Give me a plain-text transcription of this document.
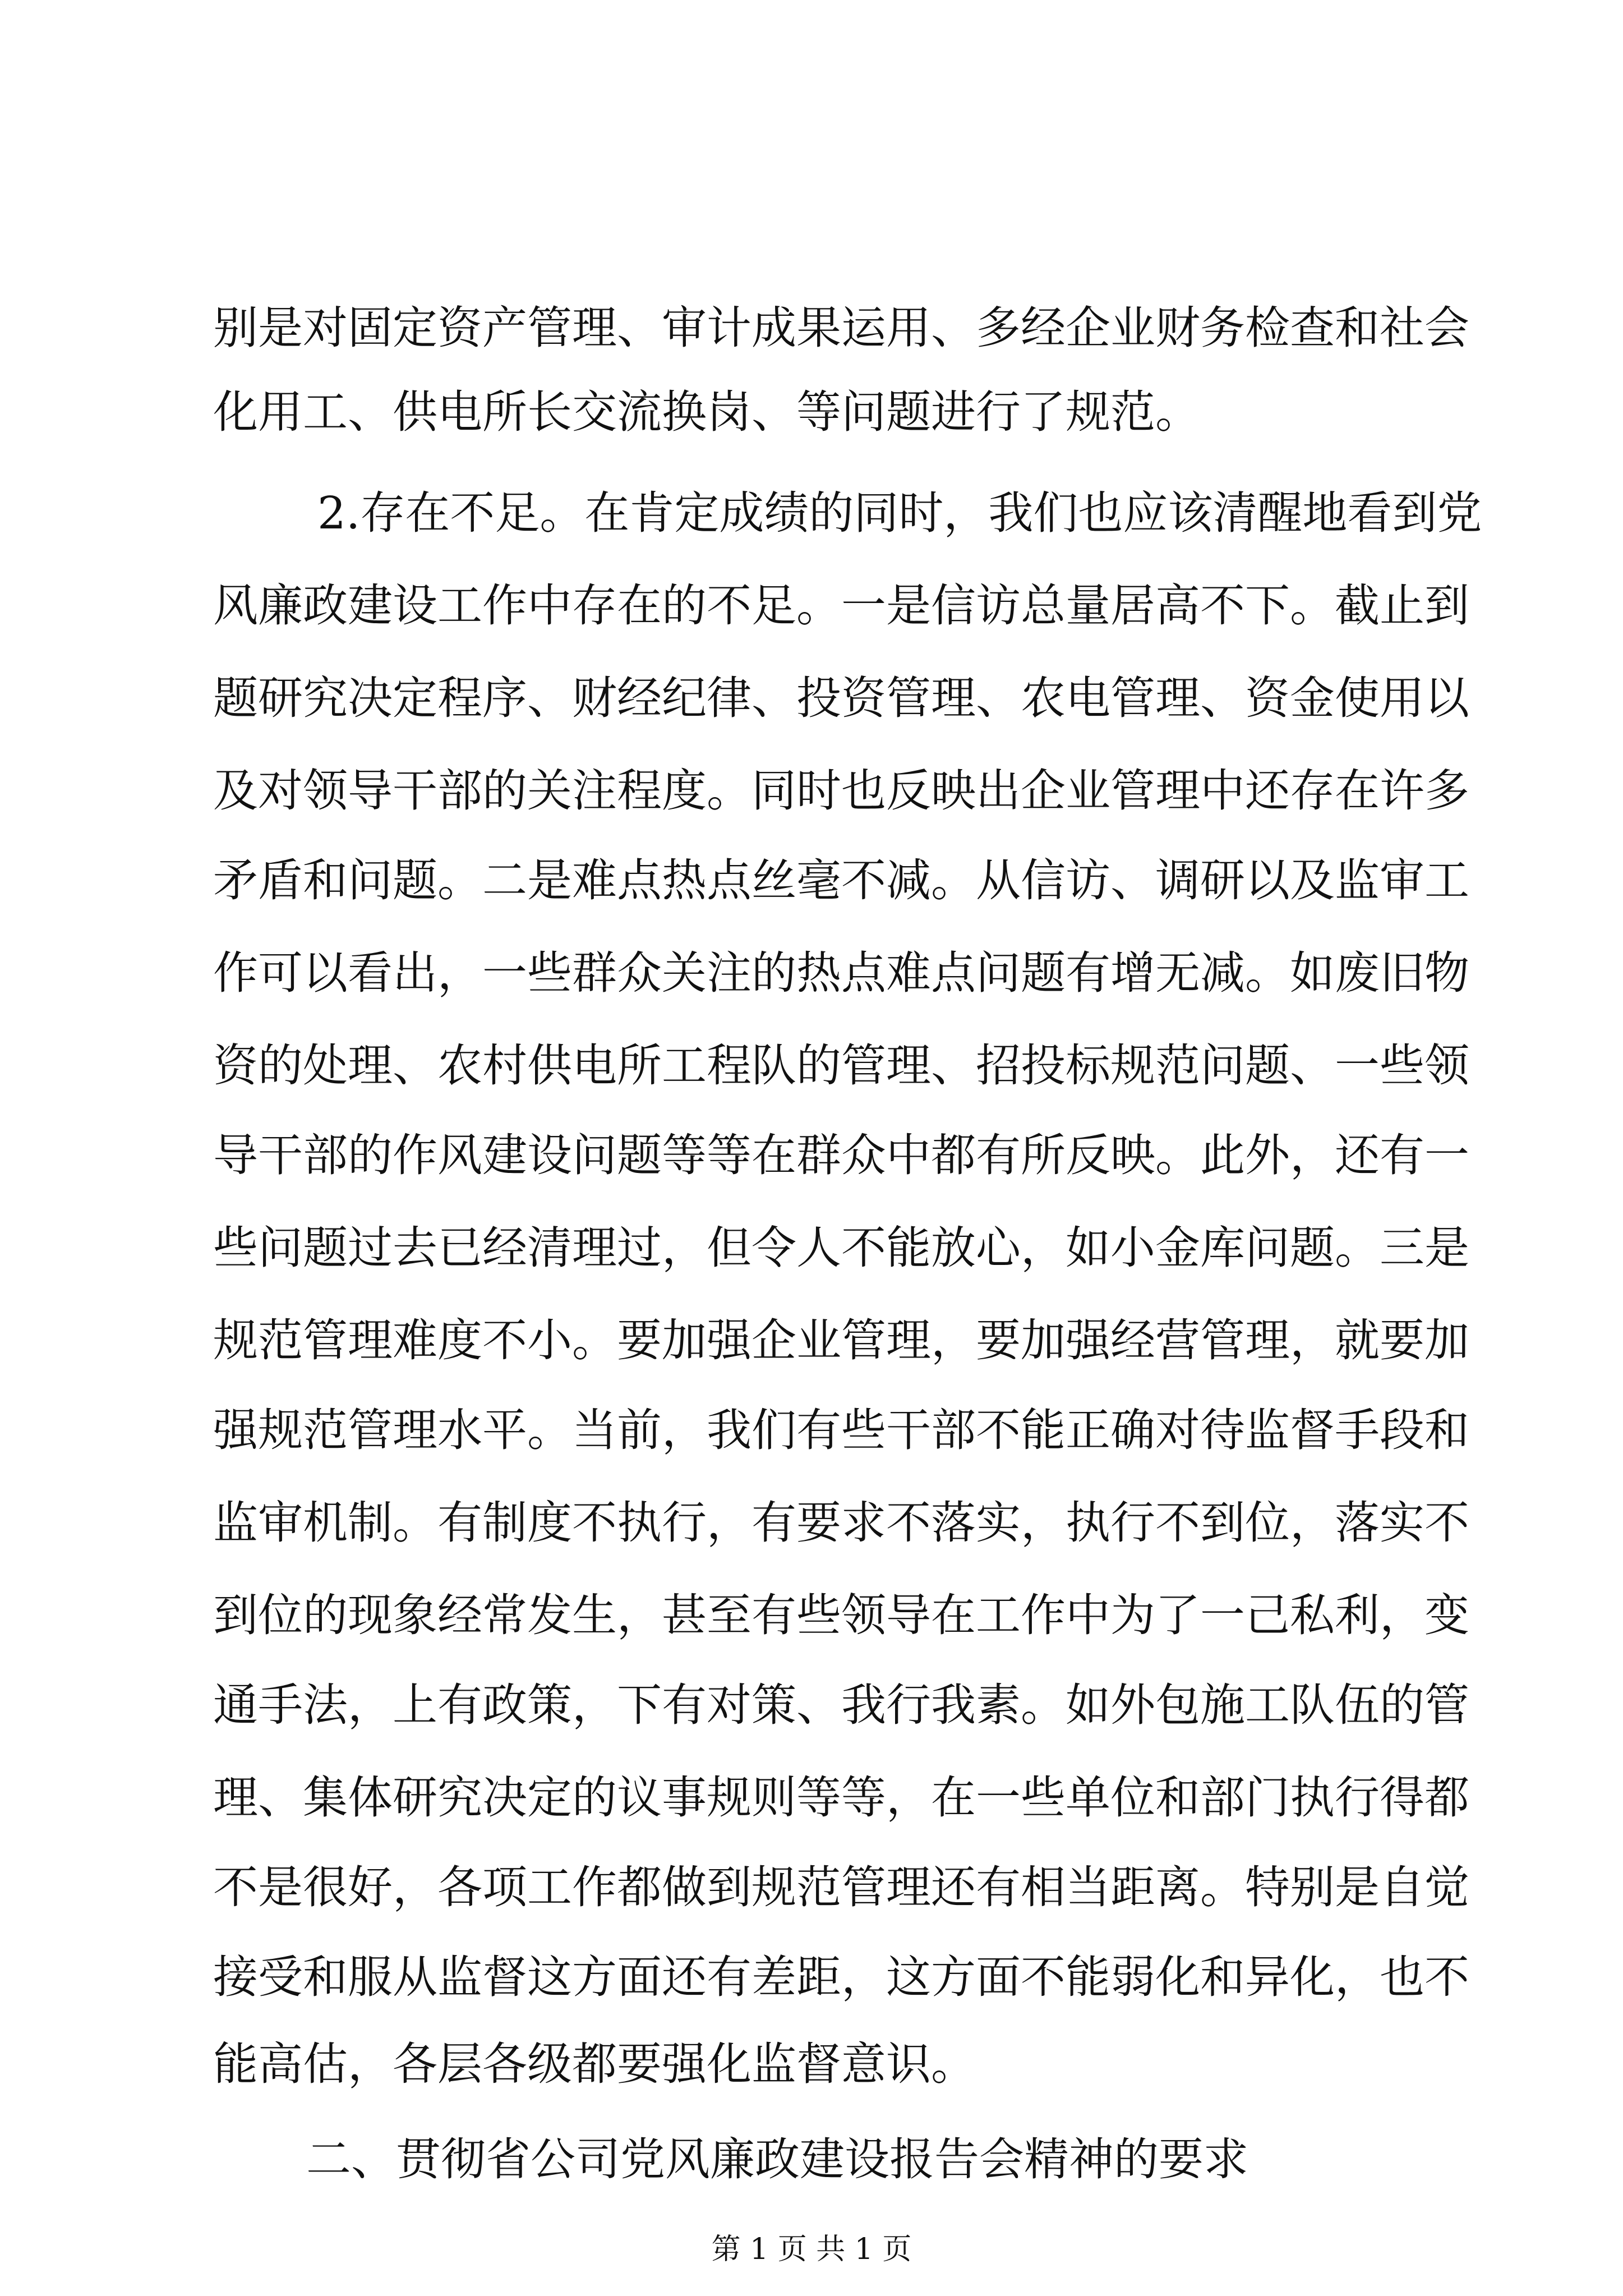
别是对固定资产管理、审计成果运用、多经企业财务检查和社会
化用工、供电所长交流换岗、等问题进行了规范。
2.存在不足。在肯定成绩的同时，我们也应该清醒地看到党
风廉政建设工作中存在的不足。一是信访总量居高不下。截止到
题研究决定程序、财经纪律、投资管理、农电管理、资金使用以
及对领导干部的关注程度。同时也反映出企业管理中还存在许多
矛盾和问题。二是难点热点丝毫不减。从信访、调研以及监审工
作可以看出，一些群众关注的热点难点问题有增无减。如废旧物
资的处理、农村供电所工程队的管理、招投标规范问题、一些领
导干部的作风建设问题等等在群众中都有所反映。此外，还有一
些问题过去已经清理过，但令人不能放心，如小金库问题。三是
规范管理难度不小。要加强企业管理，要加强经营管理，就要加
强规范管理水平。当前，我们有些干部不能正确对待监督手段和
监审机制。有制度不执行，有要求不落实，执行不到位，落实不
到位的现象经常发生，甚至有些领导在工作中为了一己私利，变
通手法，上有政策，下有对策、我行我素。如外包施工队伍的管
理、集体研究决定的议事规则等等，在一些单位和部门执行得都
不是很好，各项工作都做到规范管理还有相当距离。特别是自觉
接受和服从监督这方面还有差距，这方面不能弱化和异化，也不
能高估，各层各级都要强化监督意识。
二、贯彻省公司党风廉政建设报告会精神的要求
第 1 页 共 1 页
